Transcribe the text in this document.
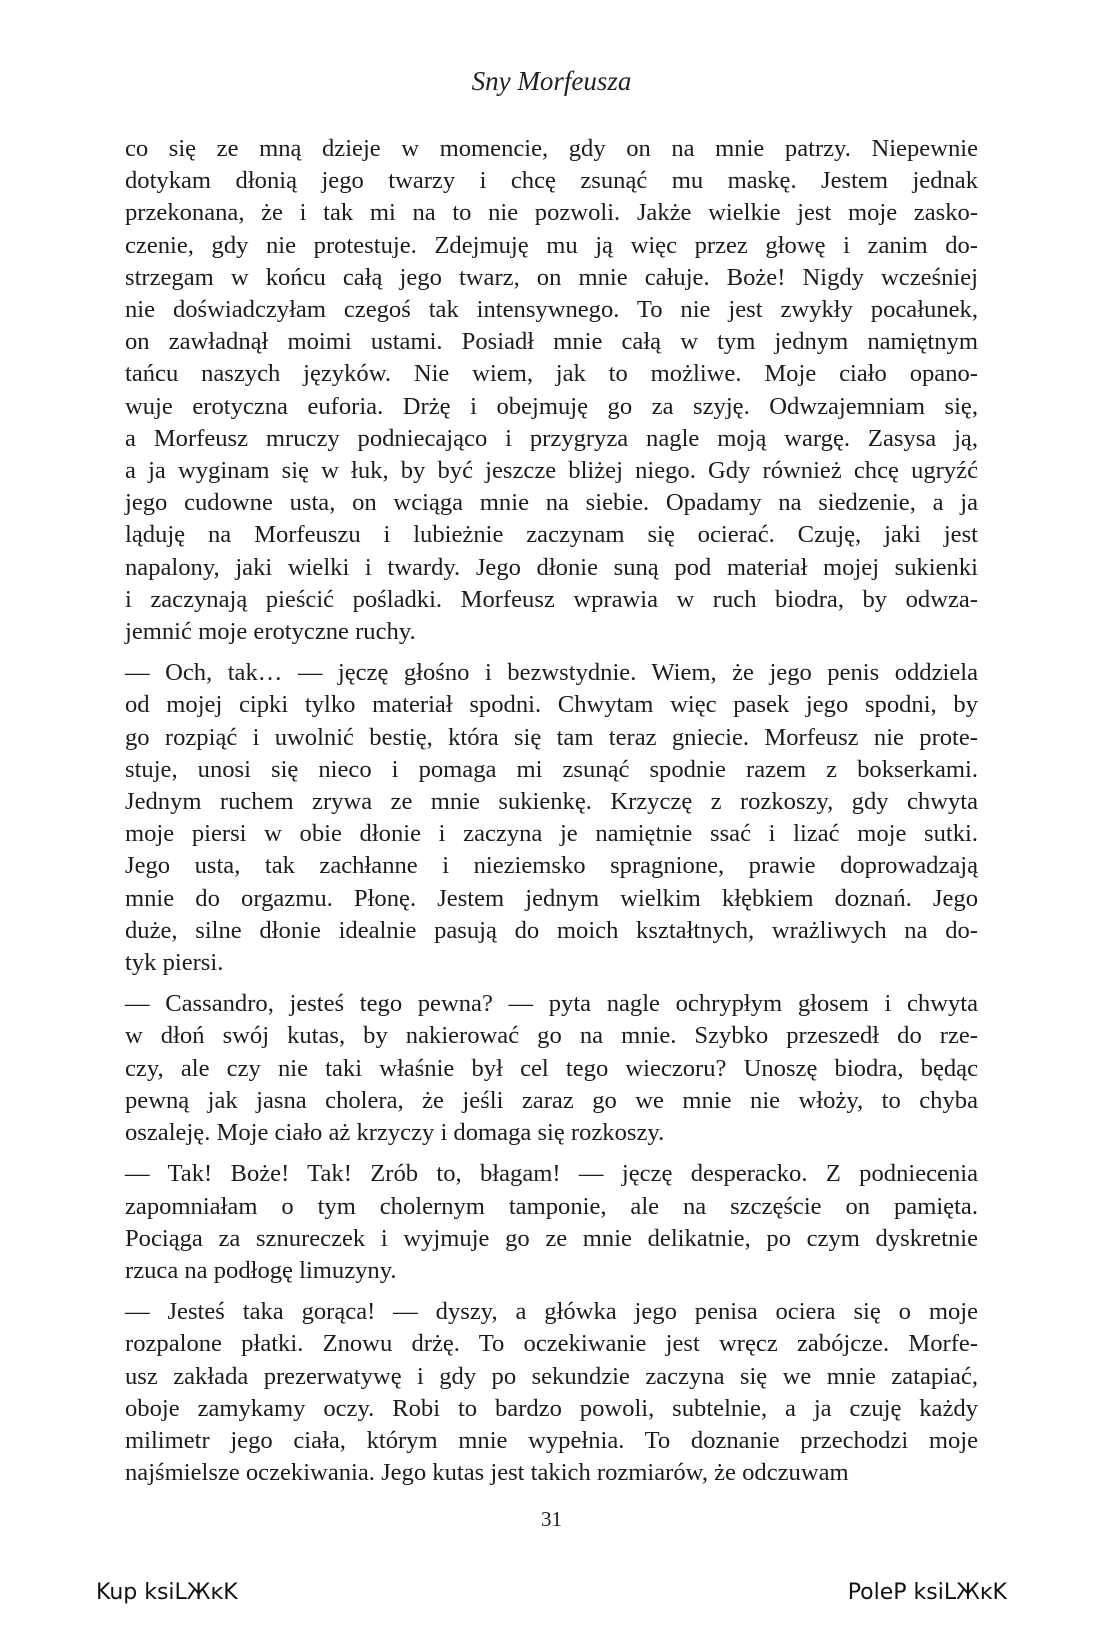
Sny Morfeusza
co się ze mną dzieje w momencie, gdy on na mnie patrzy. Niepewnie
dotykam dłonią jego twarzy i chcę zsunąć mu maskę. Jestem jednak
przekonana, że i tak mi na to nie pozwoli. Jakże wielkie jest moje zasko-
czenie, gdy nie protestuje. Zdejmuję mu ją więc przez głowę i zanim do-
strzegam w końcu całą jego twarz, on mnie całuje. Boże! Nigdy wcześniej
nie doświadczyłam czegoś tak intensywnego. To nie jest zwykły pocałunek,
on zawładnął moimi ustami. Posiadł mnie całą w tym jednym namiętnym
tańcu naszych języków. Nie wiem, jak to możliwe. Moje ciało opano-
wuje erotyczna euforia. Drżę i obejmuję go za szyję. Odwzajemniam się,
a Morfeusz mruczy podniecająco i przygryza nagle moją wargę. Zasysa ją,
a ja wyginam się w łuk, by być jeszcze bliżej niego. Gdy również chcę ugryźć
jego cudowne usta, on wciąga mnie na siebie. Opadamy na siedzenie, a ja
ląduję na Morfeuszu i lubieżnie zaczynam się ocierać. Czuję, jaki jest
napalony, jaki wielki i twardy. Jego dłonie suną pod materiał mojej sukienki
i zaczynają pieścić pośladki. Morfeusz wprawia w ruch biodra, by odwza-
jemnić moje erotyczne ruchy.
— Och, tak… — jęczę głośno i bezwstydnie. Wiem, że jego penis oddziela
od mojej cipki tylko materiał spodni. Chwytam więc pasek jego spodni, by
go rozpiąć i uwolnić bestię, która się tam teraz gniecie. Morfeusz nie prote-
stuje, unosi się nieco i pomaga mi zsunąć spodnie razem z bokserkami.
Jednym ruchem zrywa ze mnie sukienkę. Krzyczę z rozkoszy, gdy chwyta
moje piersi w obie dłonie i zaczyna je namiętnie ssać i lizać moje sutki.
Jego usta, tak zachłanne i nieziemsko spragnione, prawie doprowadzają
mnie do orgazmu. Płonę. Jestem jednym wielkim kłębkiem doznań. Jego
duże, silne dłonie idealnie pasują do moich kształtnych, wrażliwych na do-
tyk piersi.
— Cassandro, jesteś tego pewna? — pyta nagle ochrypłym głosem i chwyta
w dłoń swój kutas, by nakierować go na mnie. Szybko przeszedł do rze-
czy, ale czy nie taki właśnie był cel tego wieczoru? Unoszę biodra, będąc
pewną jak jasna cholera, że jeśli zaraz go we mnie nie włoży, to chyba
oszaleję. Moje ciało aż krzyczy i domaga się rozkoszy.
— Tak! Boże! Tak! Zrób to, błagam! — jęczę desperacko. Z podniecenia
zapomniałam o tym cholernym tamponie, ale na szczęście on pamięta.
Pociąga za sznureczek i wyjmuje go ze mnie delikatnie, po czym dyskretnie
rzuca na podłogę limuzyny.
— Jesteś taka gorąca! — dyszy, a główka jego penisa ociera się o moje
rozpalone płatki. Znowu drżę. To oczekiwanie jest wręcz zabójcze. Morfe-
usz zakłada prezerwatywę i gdy po sekundzie zaczyna się we mnie zatapiać,
oboje zamykamy oczy. Robi to bardzo powoli, subtelnie, a ja czuję każdy
milimetr jego ciała, którym mnie wypełnia. To doznanie przechodzi moje
najśmielsze oczekiwania. Jego kutas jest takich rozmiarów, że odczuwam
31
Kup ksiLЖĸK	PoleP ksiLЖĸK
